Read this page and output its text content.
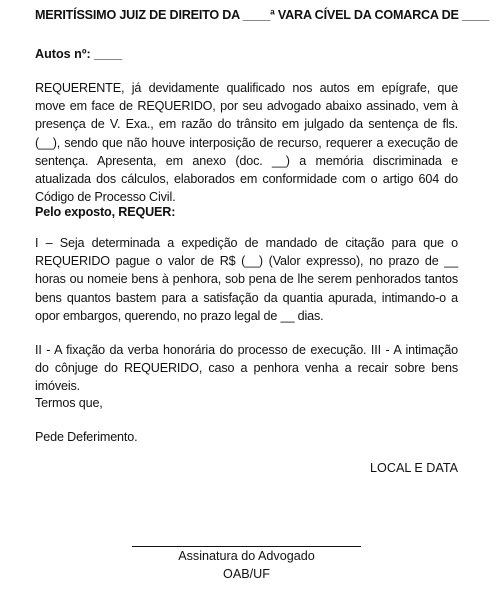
MERITÍSSIMO JUIZ DE DIREITO DA ____ª VARA CÍVEL DA COMARCA DE ____
Autos nº: ____
REQUERENTE, já devidamente qualificado nos autos em epígrafe, que move em face de REQUERIDO, por seu advogado abaixo assinado, vem à presença de V. Exa., em razão do trânsito em julgado da sentença de fls. (__), sendo que não houve interposição de recurso, requerer a execução de sentença. Apresenta, em anexo (doc. __) a memória discriminada e atualizada dos cálculos, elaborados em conformidade com o artigo 604 do Código de Processo Civil.
Pelo exposto, REQUER:
I – Seja determinada a expedição de mandado de citação para que o REQUERIDO pague o valor de R$ (__) (Valor expresso), no prazo de __ horas ou nomeie bens à penhora, sob pena de lhe serem penhorados tantos bens quantos bastem para a satisfação da quantia apurada, intimando-o a opor embargos, querendo, no prazo legal de __ dias.
II - A fixação da verba honorária do processo de execução. III - A intimação do cônjuge do REQUERIDO, caso a penhora venha a recair sobre bens imóveis.
Termos que,
Pede Deferimento.
LOCAL E DATA
Assinatura do Advogado
OAB/UF
